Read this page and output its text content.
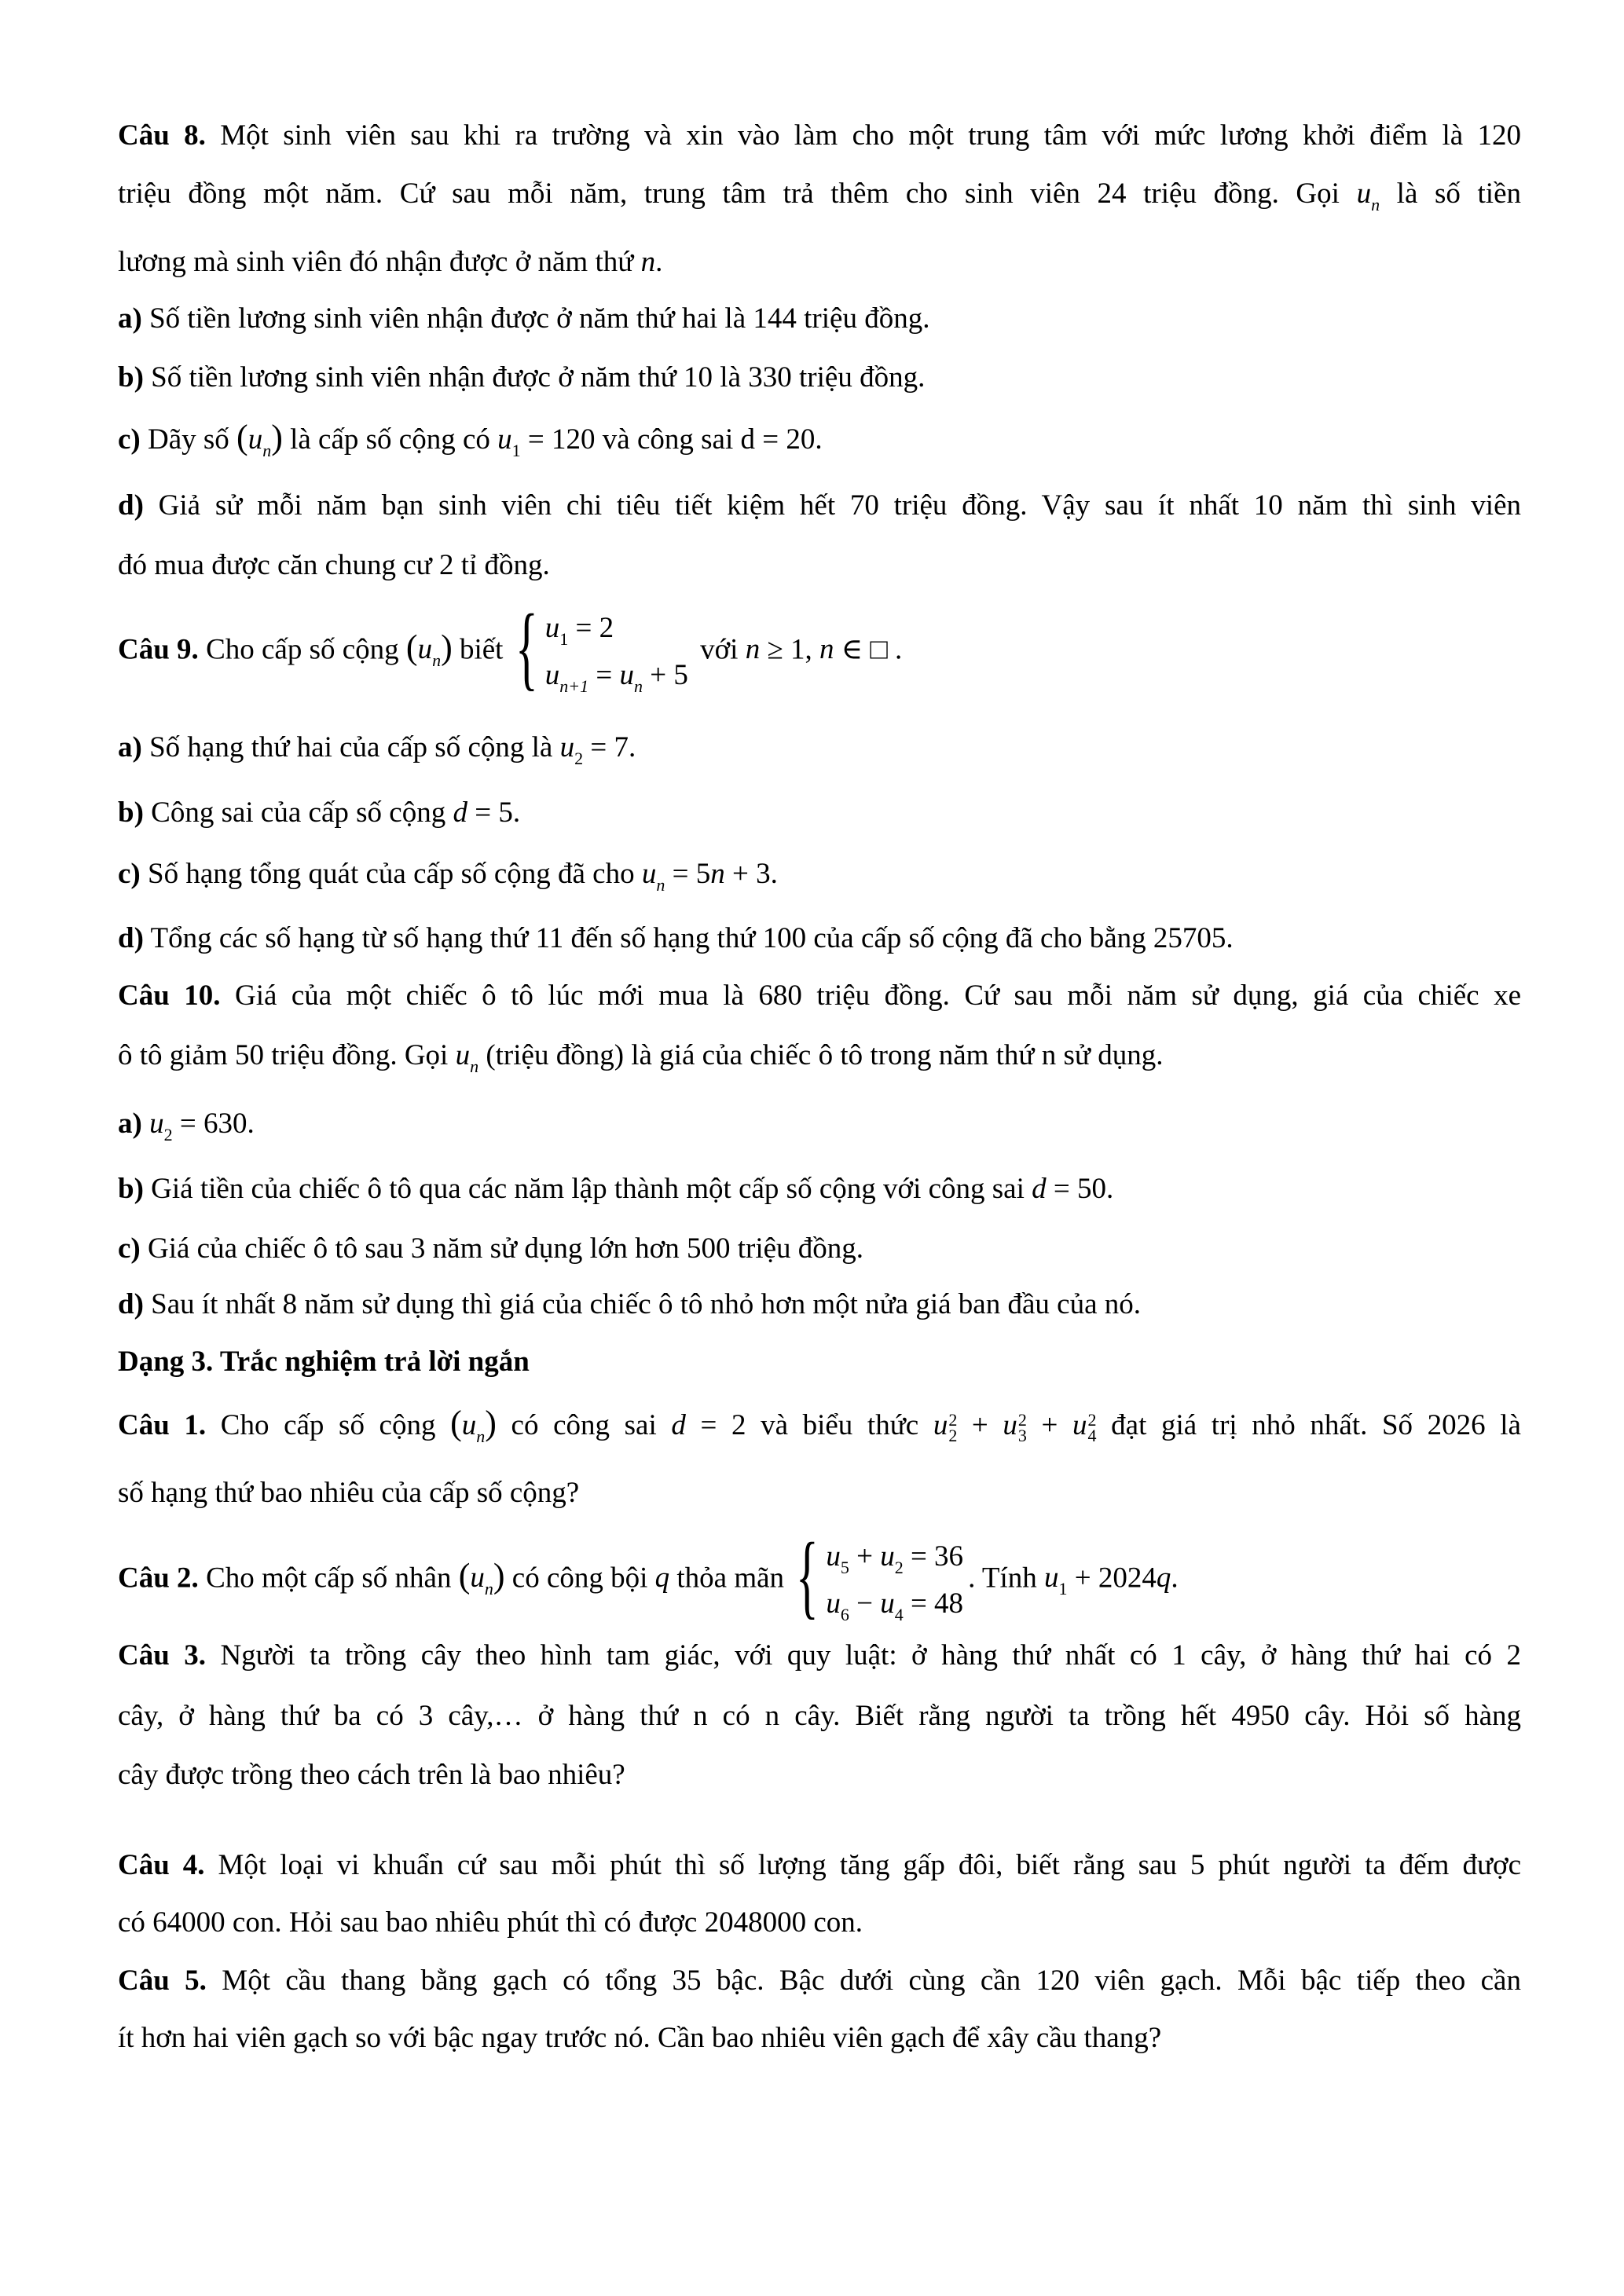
Câu 8. Một sinh viên sau khi ra trường và xin vào làm cho một trung tâm với mức lương khởi điểm là 120
triệu đồng một năm. Cứ sau mỗi năm, trung tâm trả thêm cho sinh viên 24 triệu đồng. Gọi $u_n$ là số tiền
lương mà sinh viên đó nhận được ở năm thứ n.
a) Số tiền lương sinh viên nhận được ở năm thứ hai là 144 triệu đồng.
b) Số tiền lương sinh viên nhận được ở năm thứ 10 là 330 triệu đồng.
c) Dãy số $(u_n)$ là cấp số cộng có $u_1 = 120$ và công sai d = 20.
d) Giả sử mỗi năm bạn sinh viên chi tiêu tiết kiệm hết 70 triệu đồng. Vậy sau ít nhất 10 năm thì sinh viên
đó mua được căn chung cư 2 tỉ đồng.
Câu 9. Cho cấp số cộng $(u_n)$ biết { $u_1 = 2$
$u_{n+1} = u_n + 5$
với n ≥ 1, n ∈ □ .
a) Số hạng thứ hai của cấp số cộng là $u_2 = 7$.
b) Công sai của cấp số cộng d = 5.
c) Số hạng tổng quát của cấp số cộng đã cho $u_n = 5n + 3$.
d) Tổng các số hạng từ số hạng thứ 11 đến số hạng thứ 100 của cấp số cộng đã cho bằng 25705.
Câu 10. Giá của một chiếc ô tô lúc mới mua là 680 triệu đồng. Cứ sau mỗi năm sử dụng, giá của chiếc xe
ô tô giảm 50 triệu đồng. Gọi $u_n$ (triệu đồng) là giá của chiếc ô tô trong năm thứ n sử dụng.
a) $u_2 = 630$.
b) Giá tiền của chiếc ô tô qua các năm lập thành một cấp số cộng với công sai d = 50.
c) Giá của chiếc ô tô sau 3 năm sử dụng lớn hơn 500 triệu đồng.
d) Sau ít nhất 8 năm sử dụng thì giá của chiếc ô tô nhỏ hơn một nửa giá ban đầu của nó.
Dạng 3. Trắc nghiệm trả lời ngắn
Câu 1. Cho cấp số cộng $(u_n)$ có công sai d = 2 và biểu thức u 2
2 + u 2
3 + u 2
4 đạt giá trị nhỏ nhất. Số 2026 là
số hạng thứ bao nhiêu của cấp số cộng?
Câu 2. Cho một cấp số nhân $(u_n)$ có công bội q thỏa mãn { $u_5 + u_2 = 36$
$u_6 - u_4 = 48$
. Tính $u_1 + 2024q$.
Câu 3. Người ta trồng cây theo hình tam giác, với quy luật: ở hàng thứ nhất có 1 cây, ở hàng thứ hai có 2
cây, ở hàng thứ ba có 3 cây,… ở hàng thứ n có n cây. Biết rằng người ta trồng hết 4950 cây. Hỏi số hàng
cây được trồng theo cách trên là bao nhiêu?
Câu 4. Một loại vi khuẩn cứ sau mỗi phút thì số lượng tăng gấp đôi, biết rằng sau 5 phút người ta đếm được
có 64000 con. Hỏi sau bao nhiêu phút thì có được 2048000 con.
Câu 5. Một cầu thang bằng gạch có tổng 35 bậc. Bậc dưới cùng cần 120 viên gạch. Mỗi bậc tiếp theo cần
ít hơn hai viên gạch so với bậc ngay trước nó. Cần bao nhiêu viên gạch để xây cầu thang?
